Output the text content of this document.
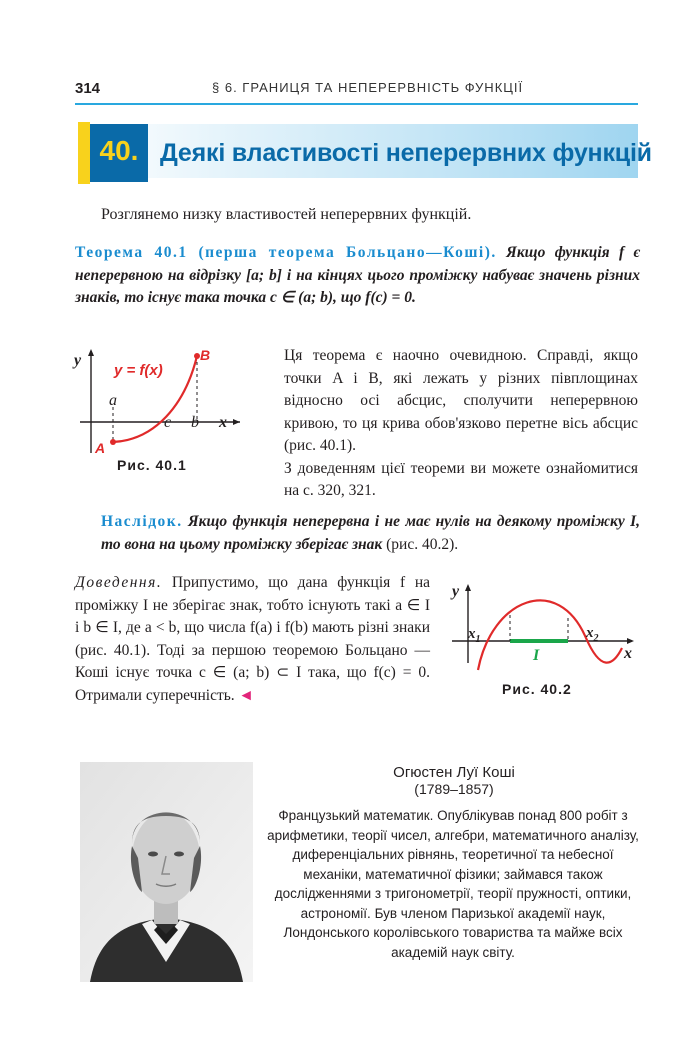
314	§ 6. ГРАНИЦЯ ТА НЕПЕРЕРВНІСТЬ ФУНКЦІЇ
40. Деякі властивості неперервних функцій
Розглянемо низку властивостей неперервних функцій.
Теорема 40.1 (перша теорема Больцано—Коші). Якщо функція f є неперервною на відрізку [a; b] і на кінцях цього проміжку набуває значень різних знаків, то існує така точка c ∈ (a; b), що f(c) = 0.
y
x
y = f(x)
B
A
a
c b
Рис. 40.1
Ця теорема є наочно очевидною. Справді, якщо точки A і B, які лежать у різних півплощинах відносно осі абсцис, сполучити неперервною кривою, то ця крива обов'язково перетне вісь абсцис (рис. 40.1).
З доведенням цієї теореми ви можете ознайомитися на с. 320, 321.
Наслідок. Якщо функція неперервна і не має нулів на деякому проміжку I, то вона на цьому проміжку зберігає знак (рис. 40.2).
Доведення. Припустимо, що дана функція f на проміжку I не зберігає знак, тобто існують такі a ∈ I і b ∈ I, де a < b, що числа f(a) і f(b) мають різні знаки (рис. 40.1). Тоді за першою теоремою Больцано — Коші існує точка c ∈ (a; b) ⊂ I така, що f(c) = 0. Отримали суперечність. ◄
y
x
$x_1$	$x_2$
I
Рис. 40.2
Огюстен Луї Коші
(1789–1857)
Французький математик. Опублікував понад 800 робіт з арифметики, теорії чисел, алгебри, математичного аналізу, диференціальних рівнянь, теоретичної та небесної механіки, математичної фізики; займався також дослідженнями з тригонометрії, теорії пружності, оптики, астрономії. Був членом Паризької академії наук, Лондонського королівського товариства та майже всіх академій наук світу.
